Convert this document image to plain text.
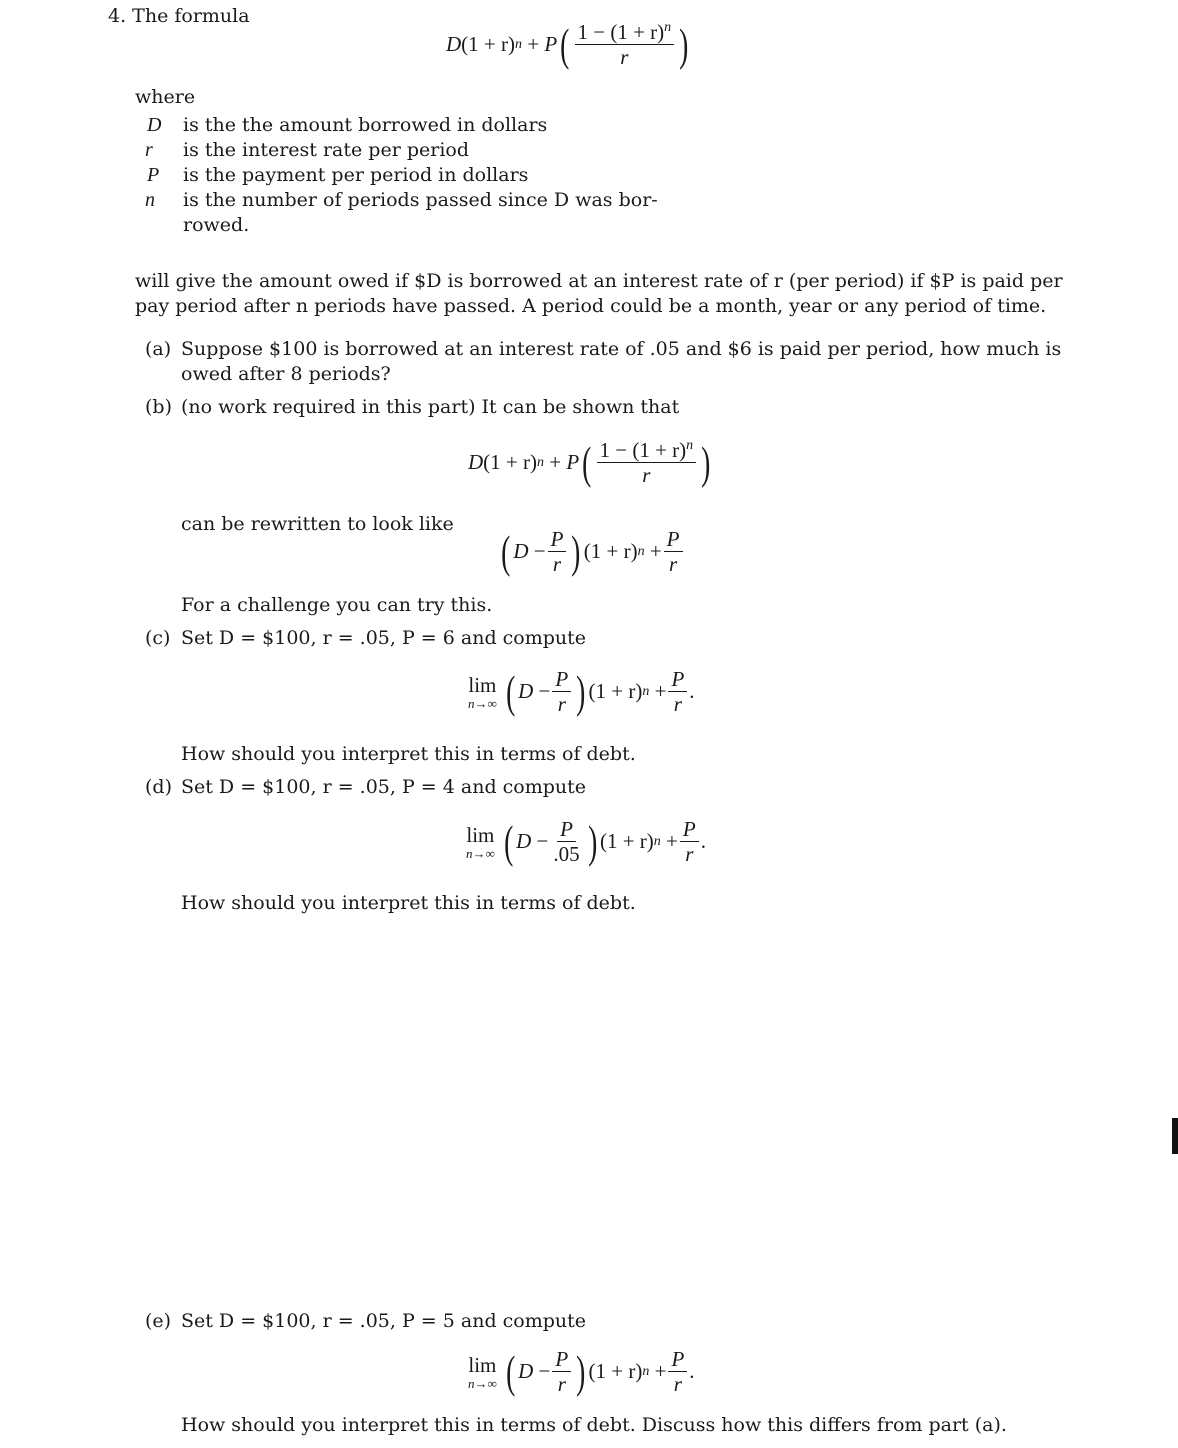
4. The formula
D (1 + r) n
+
P ( $\frac{1 - (1 + r)^n}{r}$ )
where
D is the the amount borrowed in dollars
r is the interest rate per period
P is the payment per period in dollars
n is the number of periods passed since D was bor-
rowed.
will give the amount owed if $D is borrowed at an interest rate of r (per period) if $P is paid per
pay period after n periods have passed. A period could be a month, year or any period of time.
(a) Suppose $100 is borrowed at an interest rate of .05 and $6 is paid per period, how much is
owed after 8 periods?
(b) (no work required in this part) It can be shown that
D (1 + r) n
+
P ( $\frac{1 - (1 + r)^n}{r}$ )
can be rewritten to look like
( D
− $\frac{P}{r}$ ) (1 + r) n
+ $\frac{P}{r}$
For a challenge you can try this.
(c) Set D = $100, r = .05, P = 6 and compute
lim
n→∞ ( D
− $\frac{P}{r}$ ) (1 + r) n
+ $\frac{P}{r}$ .
How should you interpret this in terms of debt.
(d) Set D = $100, r = .05, P = 4 and compute
lim
n→∞ ( D
− $\frac{P}{.05}$ ) (1 + r) n
+ $\frac{P}{r}$ .
How should you interpret this in terms of debt.
(e) Set D = $100, r = .05, P = 5 and compute
lim
n→∞ ( D
− $\frac{P}{r}$ ) (1 + r) n
+ $\frac{P}{r}$ .
How should you interpret this in terms of debt. Discuss how this differs from part (a).
